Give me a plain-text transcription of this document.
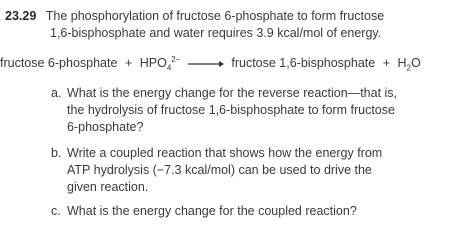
23.29 The phosphorylation of fructose 6-phosphate to form fructose
1,6-bisphosphate and water requires 3.9 kcal/mol of energy.
fructose 6-phosphate + $HPO_4^{2-}$ → fructose 1,6-bisphosphate + $H_2O$
a. What is the energy change for the reverse reaction—that is,
the hydrolysis of fructose 1,6-bisphosphate to form fructose
6-phosphate?
b. Write a coupled reaction that shows how the energy from
ATP hydrolysis (−7.3 kcal/mol) can be used to drive the
given reaction.
c. What is the energy change for the coupled reaction?
